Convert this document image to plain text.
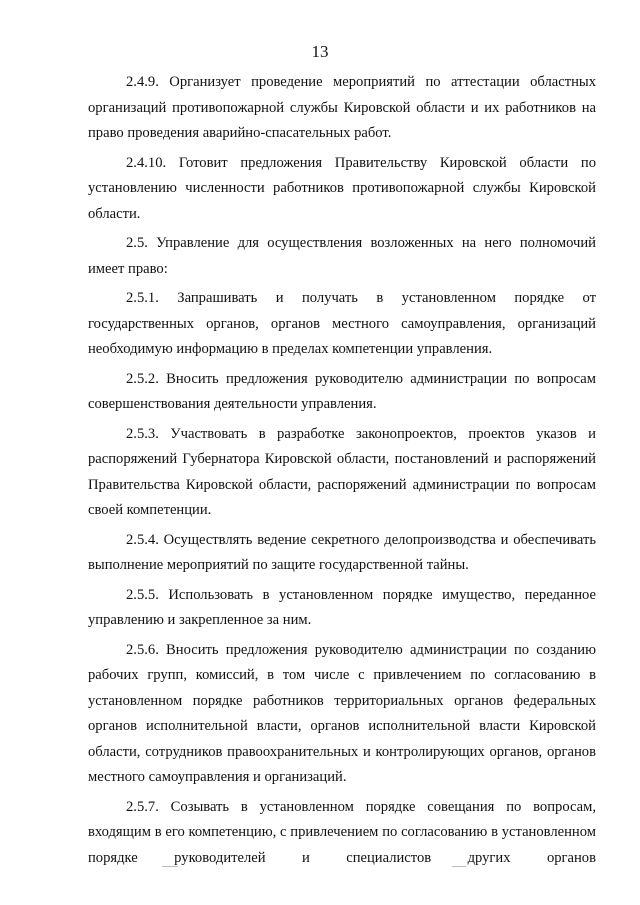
13

2.4.9. Организует проведение мероприятий по аттестации областных организаций противопожарной службы Кировской области и их работников на право проведения аварийно-спасательных работ.

2.4.10. Готовит предложения Правительству Кировской области по установлению численности работников противопожарной службы Кировской области.

2.5. Управление для осуществления возложенных на него полномочий имеет право:

2.5.1. Запрашивать и получать в установленном порядке от государственных органов, органов местного самоуправления, организаций необходимую информацию в пределах компетенции управления.

2.5.2. Вносить предложения руководителю администрации по вопросам совершенствования деятельности управления.

2.5.3. Участвовать в разработке законопроектов, проектов указов и распоряжений Губернатора Кировской области, постановлений и распоряжений Правительства Кировской области, распоряжений администрации по вопросам своей компетенции.

2.5.4. Осуществлять ведение секретного делопроизводства и обеспечивать выполнение мероприятий по защите государственной тайны.

2.5.5. Использовать в установленном порядке имущество, переданное управлению и закрепленное за ним.

2.5.6. Вносить предложения руководителю администрации по созданию рабочих групп, комиссий, в том числе с привлечением по согласованию в установленном порядке работников территориальных органов федеральных органов исполнительной власти, органов исполнительной власти Кировской области, сотрудников правоохранительных и контролирующих органов, органов местного самоуправления и организаций.

2.5.7. Созывать в установленном порядке совещания по вопросам, входящим в его компетенцию, с привлечением по согласованию в установленном порядке руководителей и специалистов других органов
